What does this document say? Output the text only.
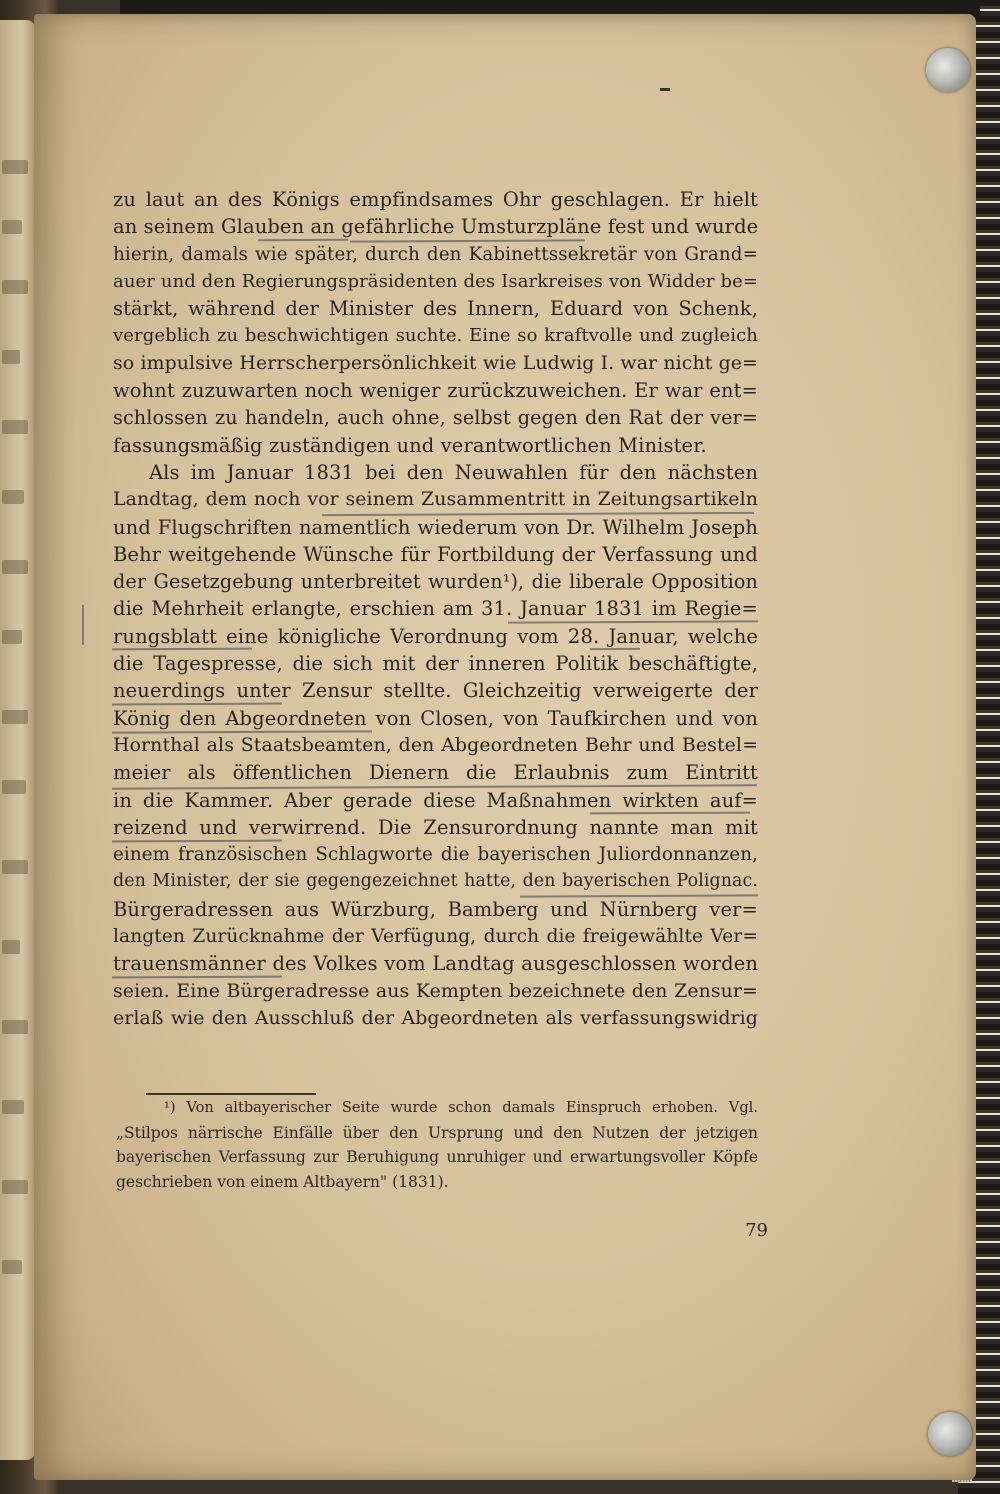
zu laut an des Königs empfindsames Ohr geschlagen. Er hielt
an seinem Glauben an gefährliche Umsturzpläne fest und wurde
hierin, damals wie später, durch den Kabinettssekretär von Grand=
auer und den Regierungspräsidenten des Isarkreises von Widder be=
stärkt, während der Minister des Innern, Eduard von Schenk,
vergeblich zu beschwichtigen suchte. Eine so kraftvolle und zugleich
so impulsive Herrscherpersönlichkeit wie Ludwig I. war nicht ge=
wohnt zuzuwarten noch weniger zurückzuweichen. Er war ent=
schlossen zu handeln, auch ohne, selbst gegen den Rat der ver=
fassungsmäßig zuständigen und verantwortlichen Minister.
Als im Januar 1831 bei den Neuwahlen für den nächsten
Landtag, dem noch vor seinem Zusammentritt in Zeitungsartikeln
und Flugschriften namentlich wiederum von Dr. Wilhelm Joseph
Behr weitgehende Wünsche für Fortbildung der Verfassung und
der Gesetzgebung unterbreitet wurden¹), die liberale Opposition
die Mehrheit erlangte, erschien am 31. Januar 1831 im Regie=
rungsblatt eine königliche Verordnung vom 28. Januar, welche
die Tagespresse, die sich mit der inneren Politik beschäftigte,
neuerdings unter Zensur stellte. Gleichzeitig verweigerte der
König den Abgeordneten von Closen, von Taufkirchen und von
Hornthal als Staatsbeamten, den Abgeordneten Behr und Bestel=
meier als öffentlichen Dienern die Erlaubnis zum Eintritt
in die Kammer. Aber gerade diese Maßnahmen wirkten auf=
reizend und verwirrend. Die Zensurordnung nannte man mit
einem französischen Schlagworte die bayerischen Juliordonnanzen,
den Minister, der sie gegengezeichnet hatte, den bayerischen Polignac.
Bürgeradressen aus Würzburg, Bamberg und Nürnberg ver=
langten Zurücknahme der Verfügung, durch die freigewählte Ver=
trauensmänner des Volkes vom Landtag ausgeschlossen worden
seien. Eine Bürgeradresse aus Kempten bezeichnete den Zensur=
erlaß wie den Ausschluß der Abgeordneten als verfassungswidrig
¹) Von altbayerischer Seite wurde schon damals Einspruch erhoben. Vgl.
„Stilpos närrische Einfälle über den Ursprung und den Nutzen der jetzigen
bayerischen Verfassung zur Beruhigung unruhiger und erwartungsvoller Köpfe
geschrieben von einem Altbayern" (1831).
79
